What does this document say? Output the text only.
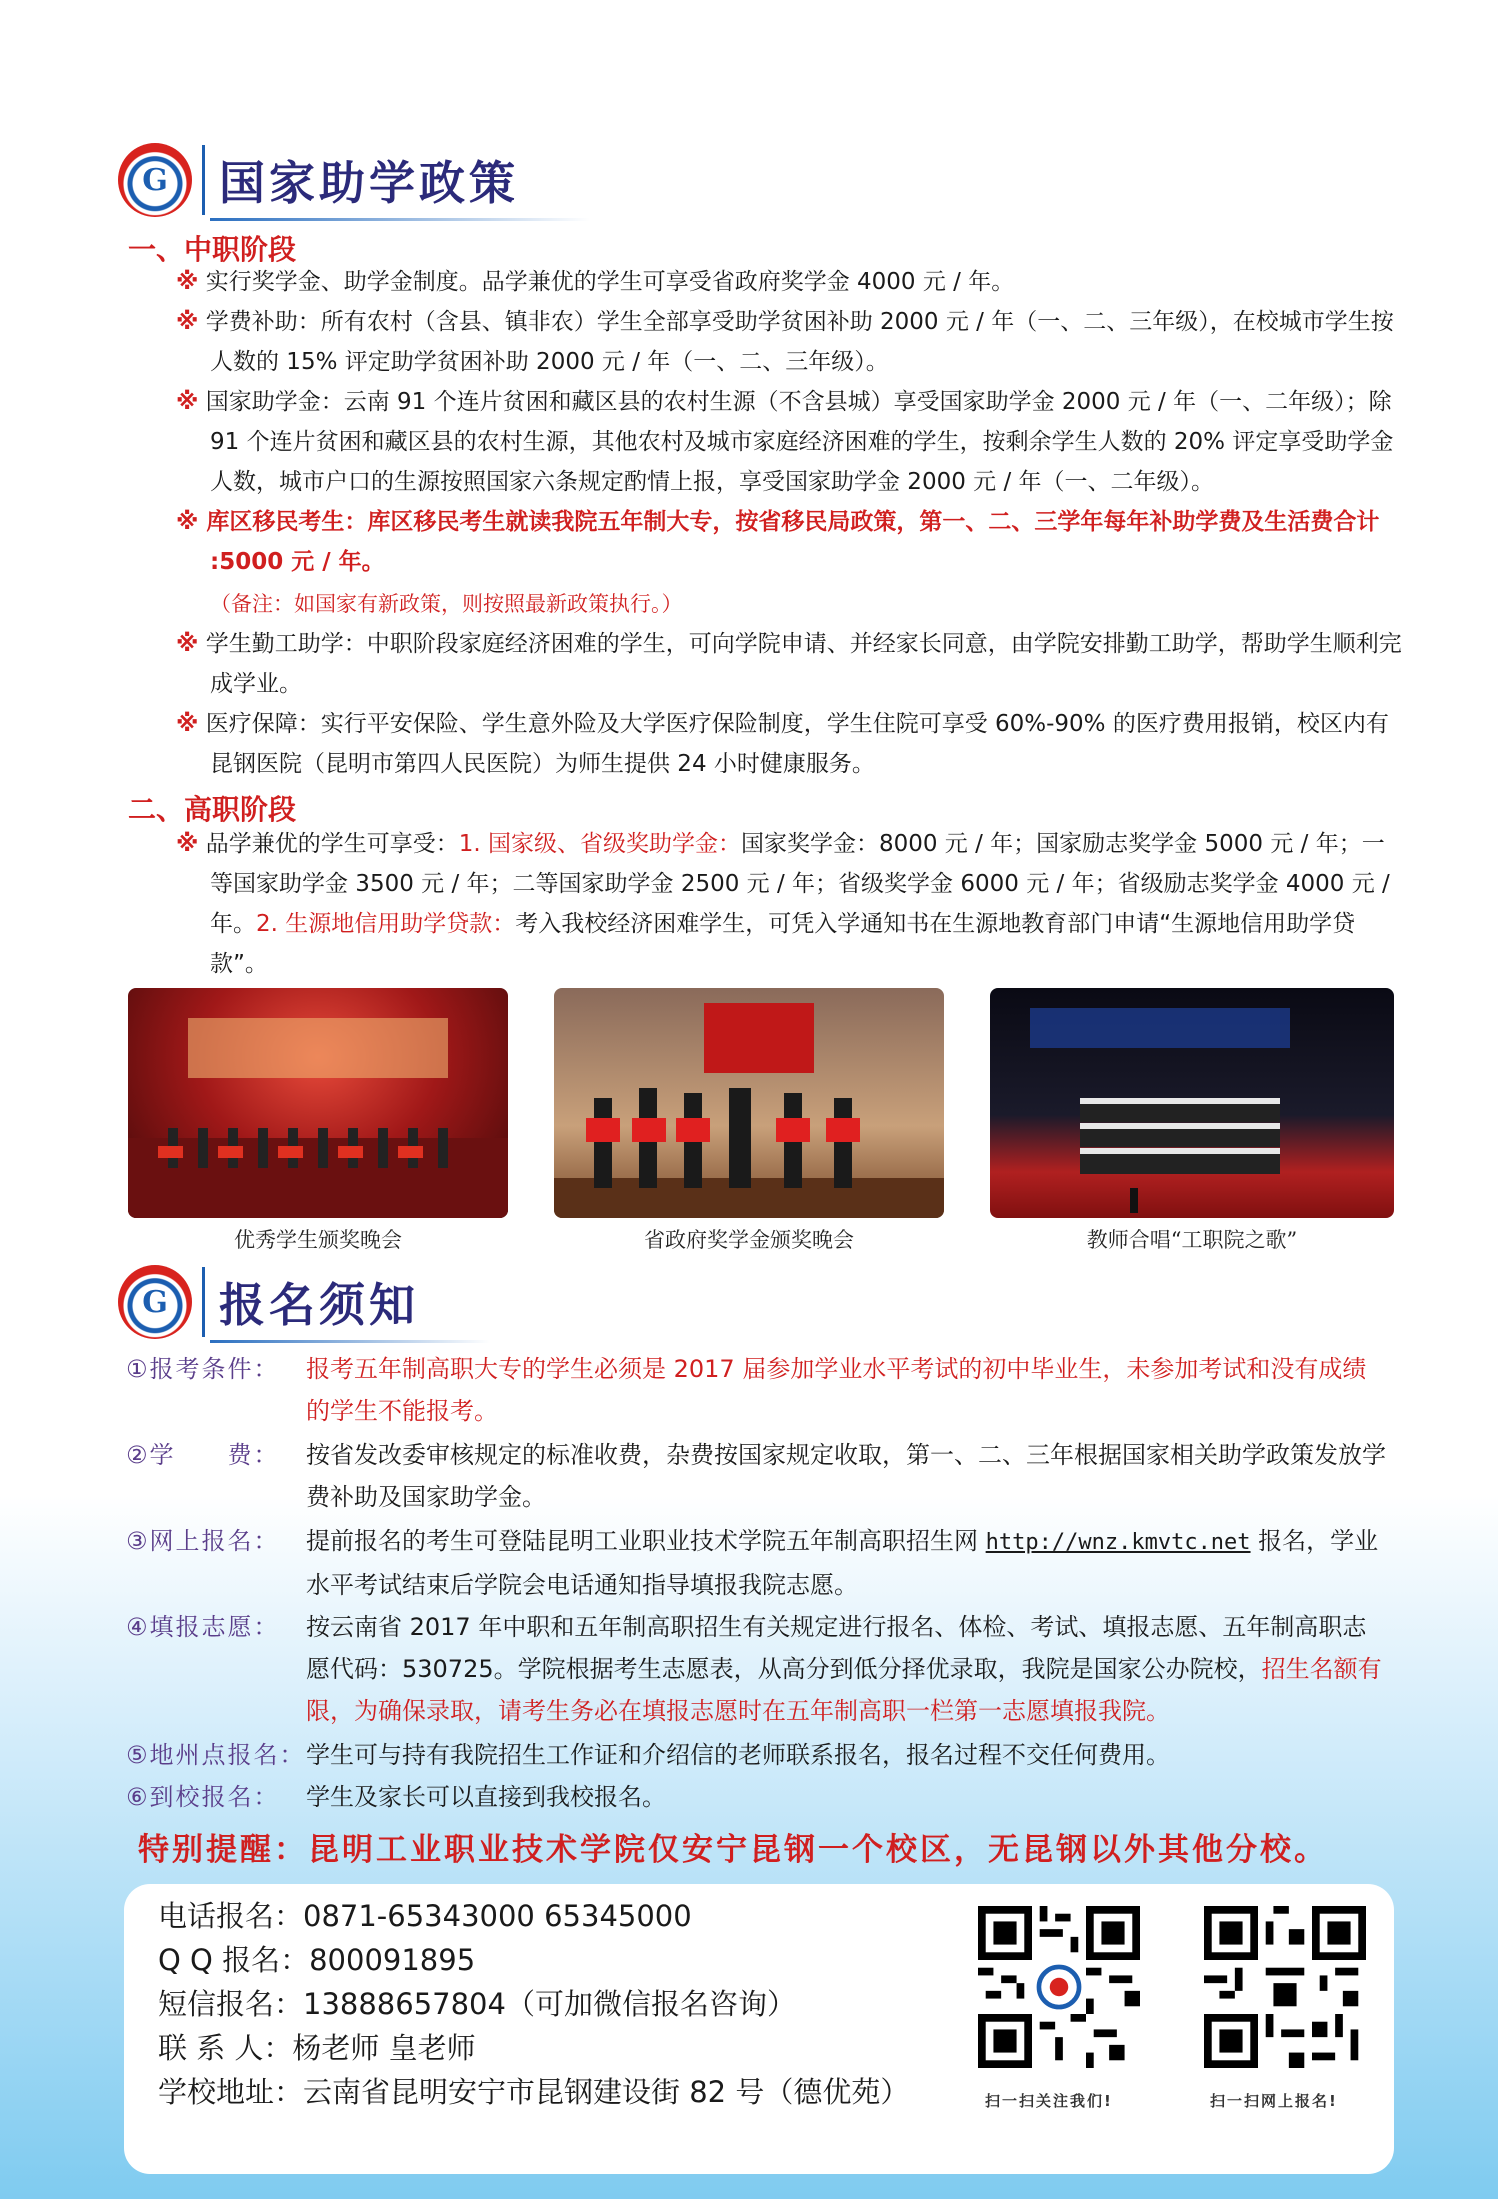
G	国家助学政策
一、中职阶段
※ 实行奖学金、助学金制度。品学兼优的学生可享受省政府奖学金 4000 元 / 年。
※ 学费补助：所有农村（含县、镇非农）学生全部享受助学贫困补助 2000 元 / 年（一、二、三年级），在校城市学生按人数的 15% 评定助学贫困补助 2000 元 / 年（一、二、三年级）。
※ 国家助学金：云南 91 个连片贫困和藏区县的农村生源（不含县城）享受国家助学金 2000 元 / 年（一、二年级）；除 91 个连片贫困和藏区县的农村生源，其他农村及城市家庭经济困难的学生，按剩余学生人数的 20% 评定享受助学金人数，城市户口的生源按照国家六条规定酌情上报，享受国家助学金 2000 元 / 年（一、二年级）。
※ 库区移民考生：库区移民考生就读我院五年制大专，按省移民局政策，第一、二、三学年每年补助学费及生活费合计 :5000 元 / 年。
（备注：如国家有新政策，则按照最新政策执行。）
※ 学生勤工助学：中职阶段家庭经济困难的学生，可向学院申请、并经家长同意，由学院安排勤工助学，帮助学生顺利完成学业。
※ 医疗保障：实行平安保险、学生意外险及大学医疗保险制度，学生住院可享受 60%-90% 的医疗费用报销，校区内有昆钢医院（昆明市第四人民医院）为师生提供 24 小时健康服务。
二、高职阶段
※ 品学兼优的学生可享受：1. 国家级、省级奖助学金：国家奖学金：8000 元 / 年；国家励志奖学金 5000 元 / 年；一等国家助学金 3500 元 / 年；二等国家助学金 2500 元 / 年；省级奖学金 6000 元 / 年；省级励志奖学金 4000 元 / 年。2. 生源地信用助学贷款：考入我校经济困难学生，可凭入学通知书在生源地教育部门申请“生源地信用助学贷款”。
优秀学生颁奖晚会	省政府奖学金颁奖晚会	教师合唱“工职院之歌”
G	报名须知
①报考条件：	报考五年制高职大专的学生必须是 2017 届参加学业水平考试的初中毕业生，未参加考试和没有成绩的学生不能报考。
②学　　费：	按省发改委审核规定的标准收费，杂费按国家规定收取，第一、二、三年根据国家相关助学政策发放学费补助及国家助学金。
③网上报名：	提前报名的考生可登陆昆明工业职业技术学院五年制高职招生网 http://wnz.kmvtc.net 报名，学业水平考试结束后学院会电话通知指导填报我院志愿。
④填报志愿：	按云南省 2017 年中职和五年制高职招生有关规定进行报名、体检、考试、填报志愿、五年制高职志愿代码：530725。学院根据考生志愿表，从高分到低分择优录取，我院是国家公办院校，招生名额有限，为确保录取，请考生务必在填报志愿时在五年制高职一栏第一志愿填报我院。
⑤地州点报名： 学生可与持有我院招生工作证和介绍信的老师联系报名，报名过程不交任何费用。
⑥到校报名：	学生及家长可以直接到我校报名。
特别提醒：昆明工业职业技术学院仅安宁昆钢一个校区，无昆钢以外其他分校。
电话报名：0871-65343000 65345000
Q Q 报名：800091895
短信报名：13888657804（可加微信报名咨询）
联 系 人：杨老师 皇老师
学校地址：云南省昆明安宁市昆钢建设街 82 号（德优苑）	扫一扫关注我们!	扫一扫网上报名!
